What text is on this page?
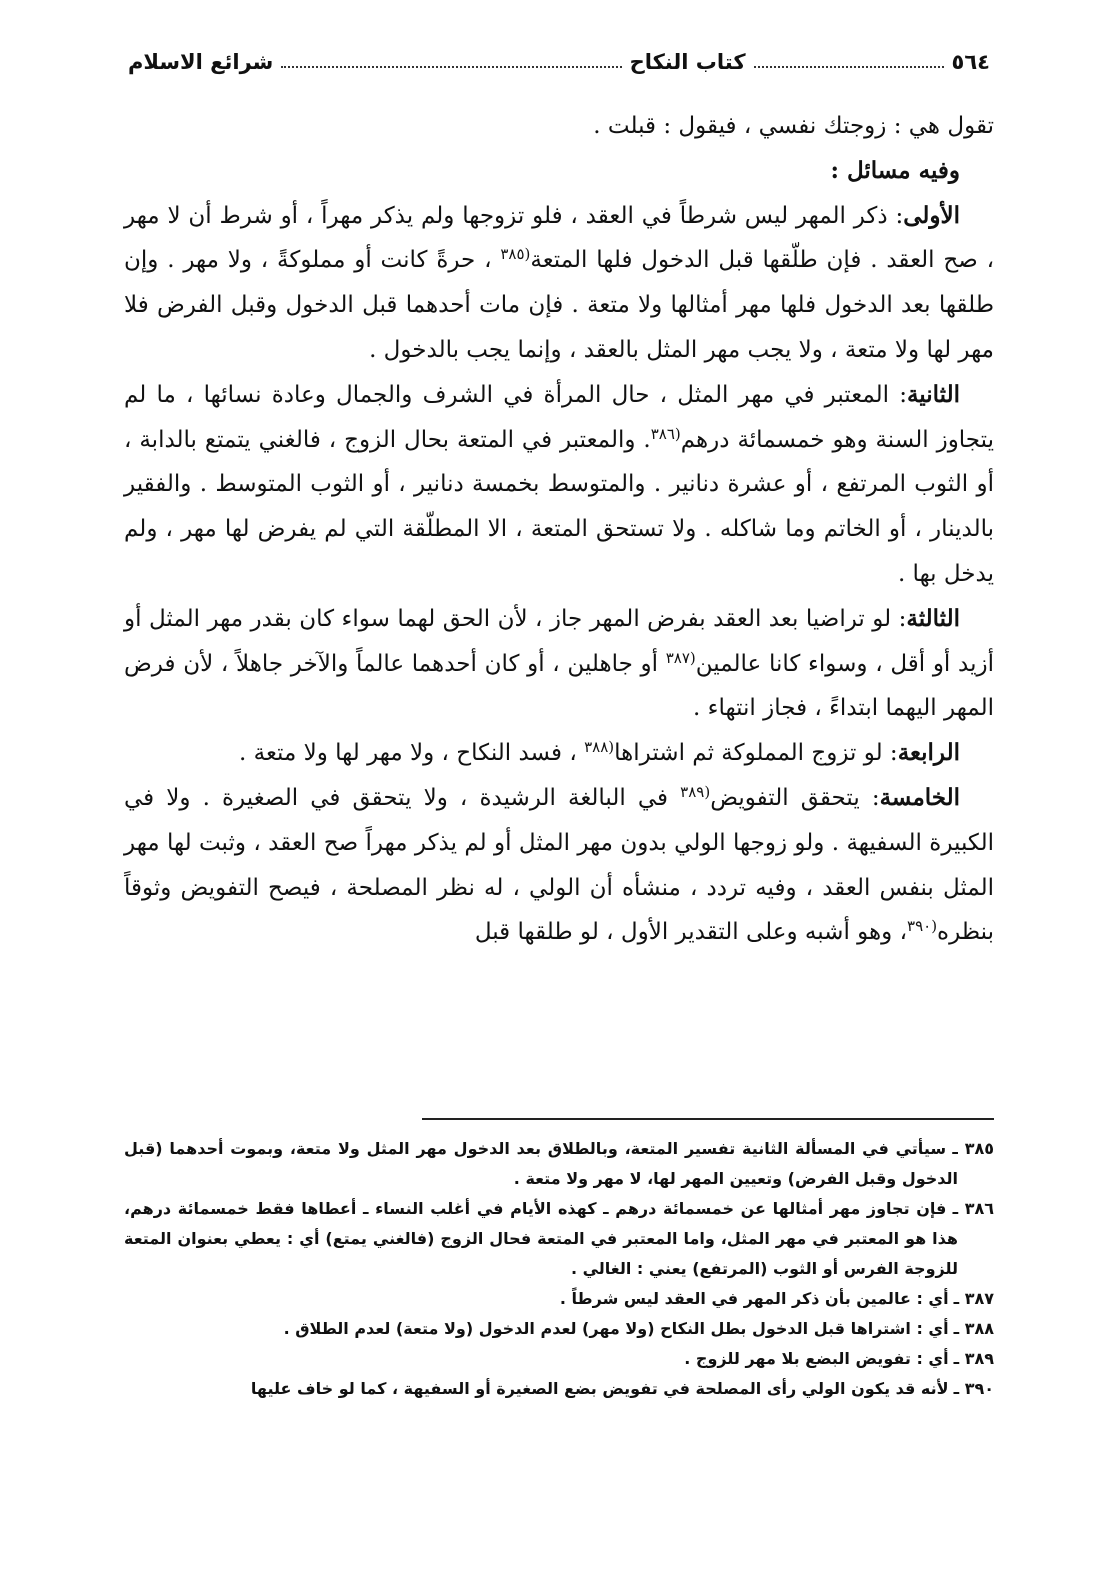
٥٦٤
كتاب النكاح
شرائع الاسلام

تقول هي : زوجتك نفسي ، فيقول : قبلت .

وفيه مسائل :

الأولى: ذكر المهر ليس شرطاً في العقد ، فلو تزوجها ولم يذكر مهراً ، أو شرط أن لا مهر ، صح العقد . فإن طلّقها قبل الدخول فلها المتعة$^{(٣٨٥}$ ، حرةً كانت أو مملوكةً ، ولا مهر . وإن طلقها بعد الدخول فلها مهر أمثالها ولا متعة . فإن مات أحدهما قبل الدخول وقبل الفرض فلا مهر لها ولا متعة ، ولا يجب مهر المثل بالعقد ، وإنما يجب بالدخول .

الثانية: المعتبر في مهر المثل ، حال المرأة في الشرف والجمال وعادة نسائها ، ما لم يتجاوز السنة وهو خمسمائة درهم$^{(٣٨٦}$. والمعتبر في المتعة بحال الزوج ، فالغني يتمتع بالدابة ، أو الثوب المرتفع ، أو عشرة دنانير . والمتوسط بخمسة دنانير ، أو الثوب المتوسط . والفقير بالدينار ، أو الخاتم وما شاكله . ولا تستحق المتعة ، الا المطلّقة التي لم يفرض لها مهر ، ولم يدخل بها .

الثالثة: لو تراضيا بعد العقد بفرض المهر جاز ، لأن الحق لهما سواء كان بقدر مهر المثل أو أزيد أو أقل ، وسواء كانا عالمين$^{(٣٨٧}$ أو جاهلين ، أو كان أحدهما عالماً والآخر جاهلاً ، لأن فرض المهر اليهما ابتداءً ، فجاز انتهاء .

الرابعة: لو تزوج المملوكة ثم اشتراها$^{(٣٨٨}$ ، فسد النكاح ، ولا مهر لها ولا متعة .

الخامسة: يتحقق التفويض$^{(٣٨٩}$ في البالغة الرشيدة ، ولا يتحقق في الصغيرة . ولا في الكبيرة السفيهة . ولو زوجها الولي بدون مهر المثل أو لم يذكر مهراً صح العقد ، وثبت لها مهر المثل بنفس العقد ، وفيه تردد ، منشأه أن الولي ، له نظر المصلحة ، فيصح التفويض وثوقاً بنظره$^{(٣٩٠}$، وهو أشبه وعلى التقدير الأول ، لو طلقها قبل

٣٨٥ ـ سيأتي في المسألة الثانية تفسير المتعة، وبالطلاق بعد الدخول مهر المثل ولا متعة، وبموت أحدهما (قبل الدخول وقبل الفرض) وتعيين المهر لها، لا مهر ولا متعة .

٣٨٦ ـ فإن تجاوز مهر أمثالها عن خمسمائة درهم ـ كهذه الأيام في أغلب النساء ـ أعطاها فقط خمسمائة درهم، هذا هو المعتبر في مهر المثل، واما المعتبر في المتعة فحال الزوج (فالغني يمتع) أي : يعطي بعنوان المتعة للزوجة الفرس أو الثوب (المرتفع) يعني : الغالي .

٣٨٧ ـ أي : عالمين بأن ذكر المهر في العقد ليس شرطاً .

٣٨٨ ـ أي : اشتراها قبل الدخول بطل النكاح (ولا مهر) لعدم الدخول (ولا متعة) لعدم الطلاق .

٣٨٩ ـ أي : تفويض البضع بلا مهر للزوج .

٣٩٠ ـ لأنه قد يكون الولي رأى المصلحة في تفويض بضع الصغيرة أو السفيهة ، كما لو خاف عليها
